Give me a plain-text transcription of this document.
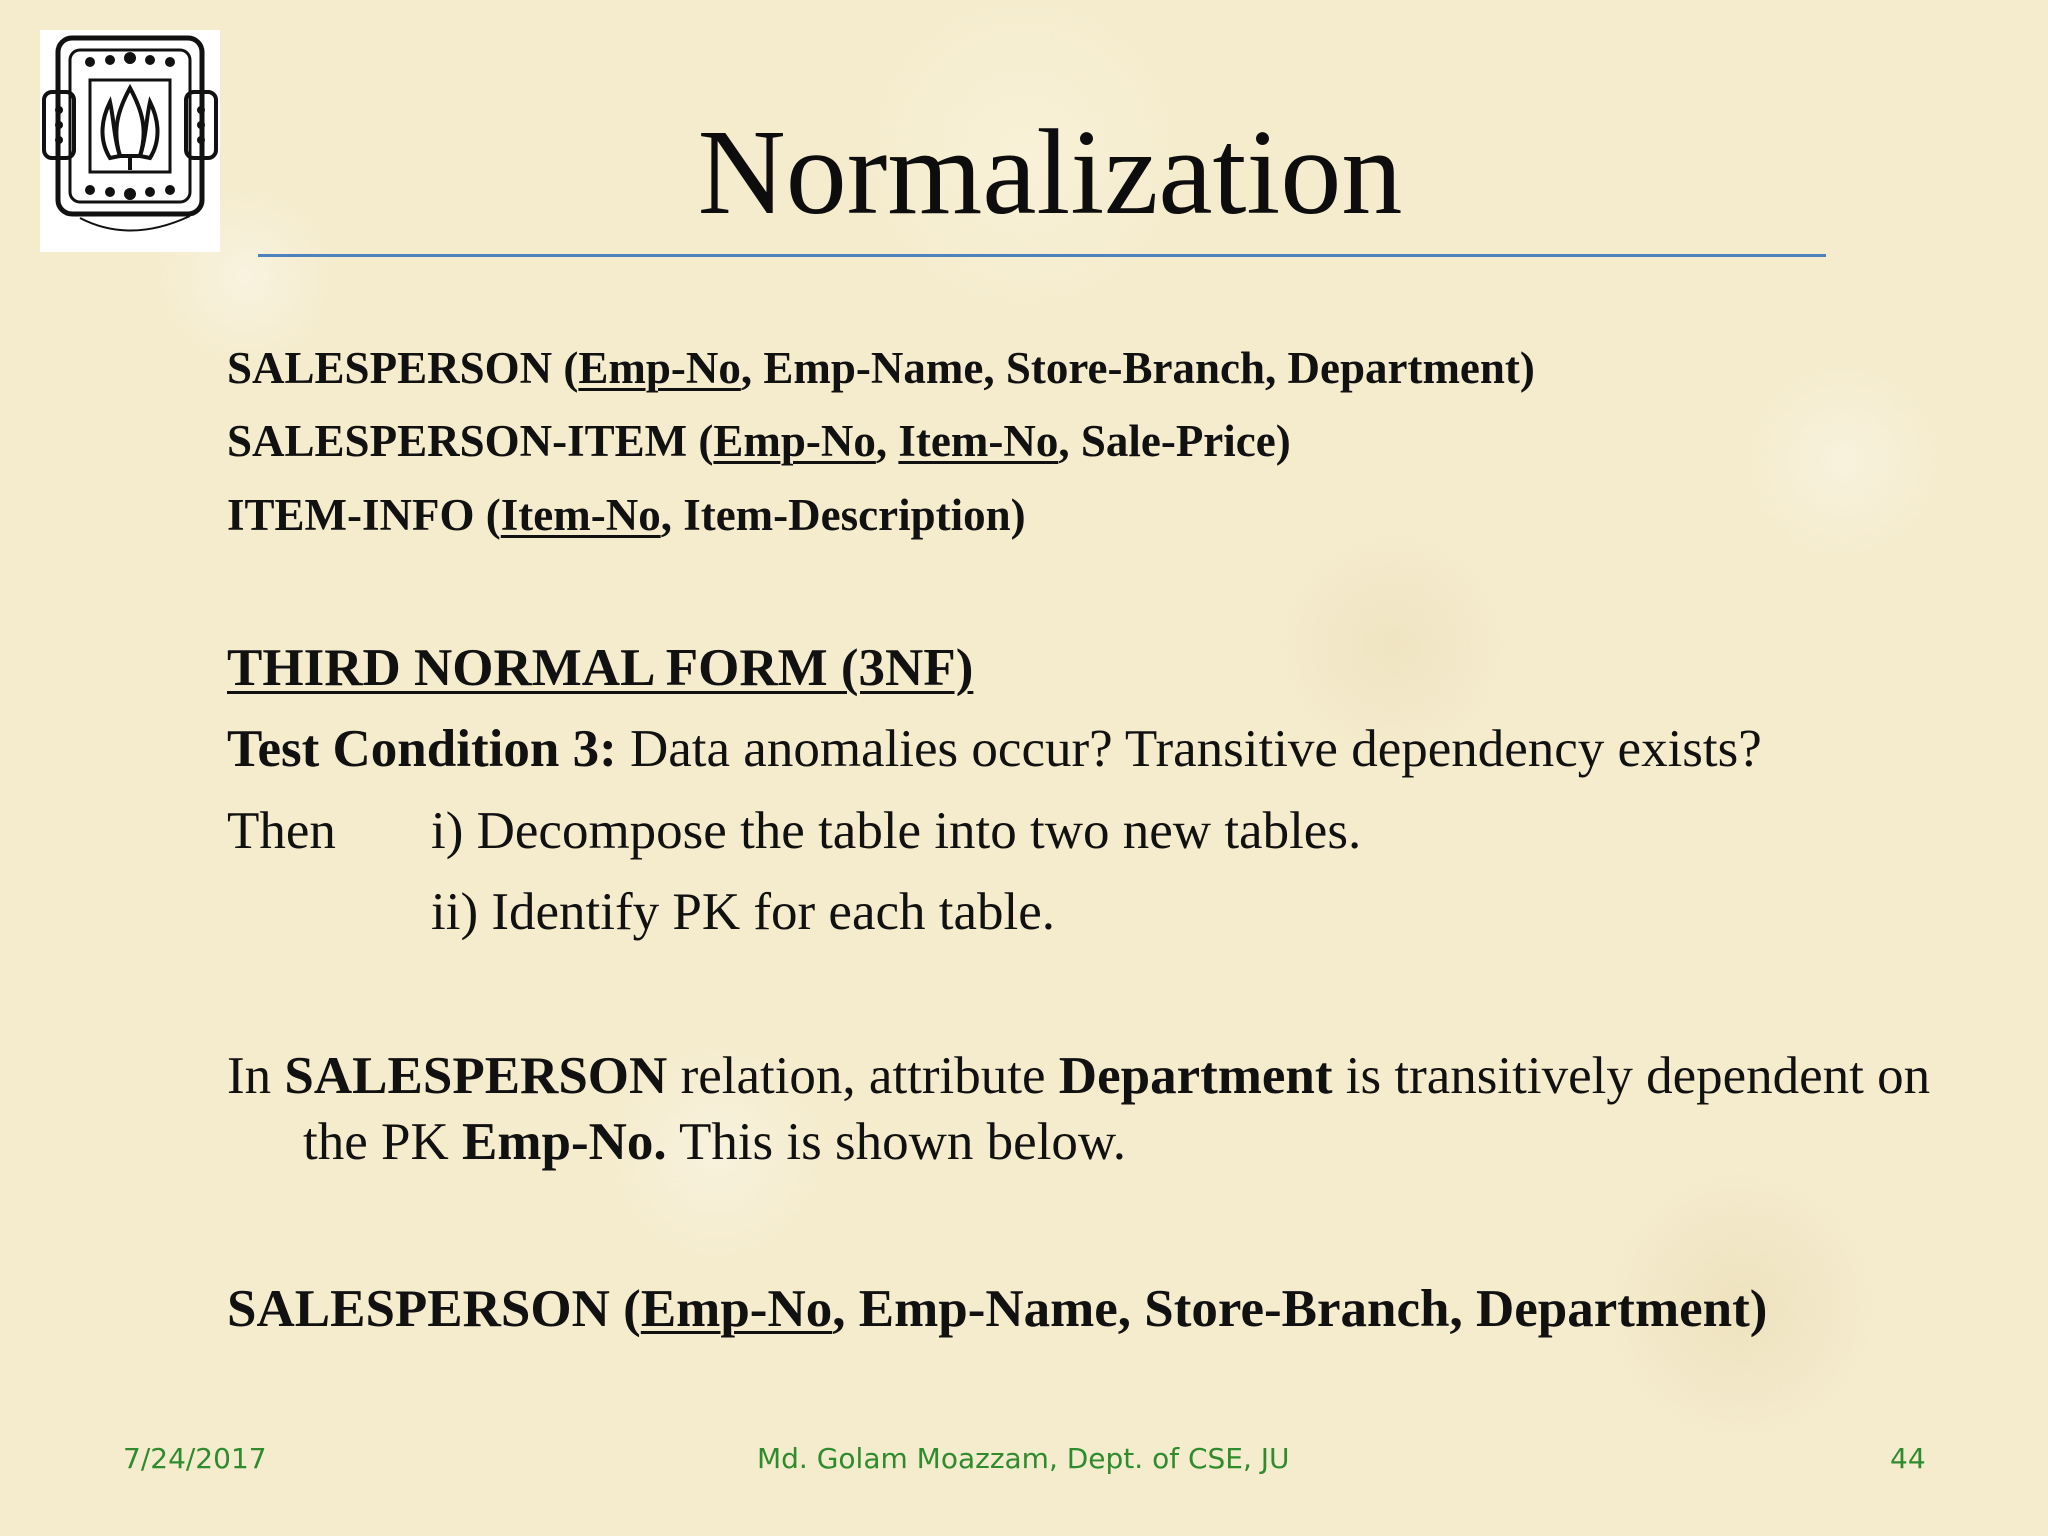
Normalization
SALESPERSON (Emp-No, Emp-Name, Store-Branch, Department)
SALESPERSON-ITEM (Emp-No, Item-No, Sale-Price)
ITEM-INFO (Item-No, Item-Description)
THIRD NORMAL FORM (3NF)
Test Condition 3: Data anomalies occur? Transitive dependency exists?
Then i) Decompose the table into two new tables.
ii) Identify PK for each table.
In SALESPERSON relation, attribute Department is transitively dependent on the PK Emp-No. This is shown below.
SALESPERSON (Emp-No, Emp-Name, Store-Branch, Department)
7/24/2017	Md. Golam Moazzam, Dept. of CSE, JU	44
